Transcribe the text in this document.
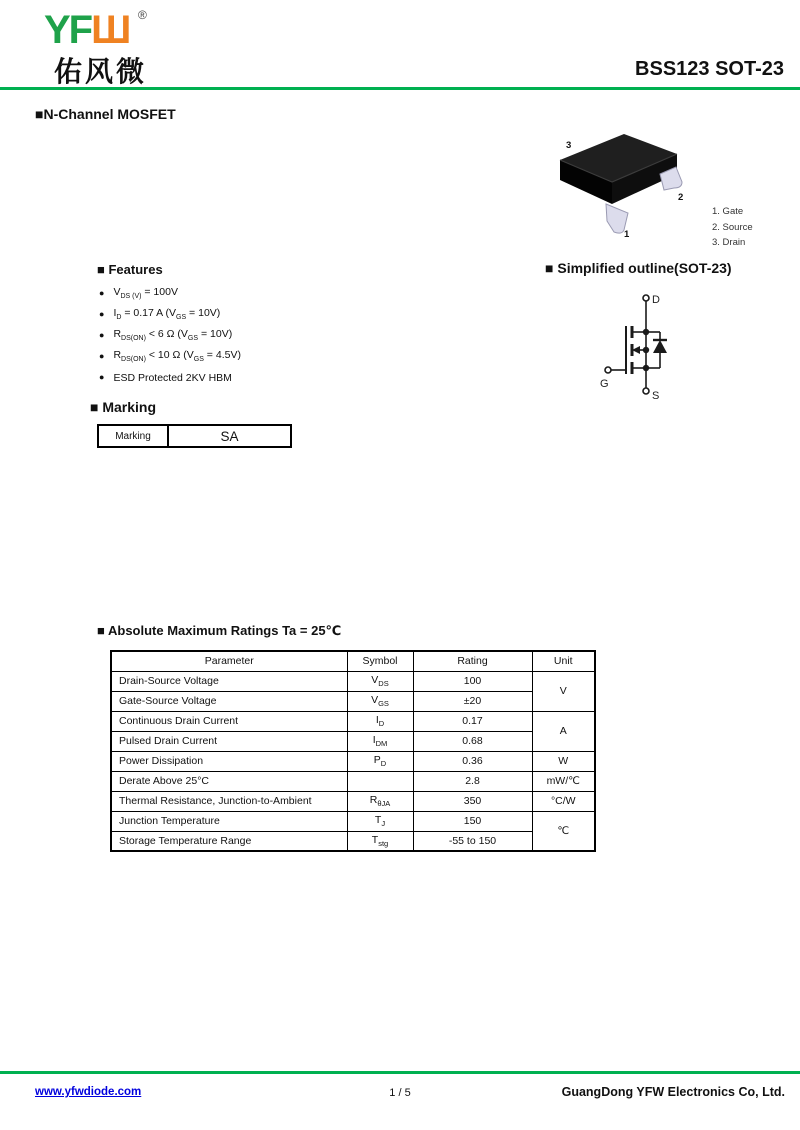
YFШ ®
佑风微	BSS123 SOT-23
■N-Channel MOSFET
3
2
1
1. Gate
2. Source
3. Drain
■ Simplified outline(SOT-23)
■ Features
● $V_{DS (V)} = 100V$
● $I_D = 0.17$ A $(V_{GS} = 10V)$
● $R_{DS(ON)} < 6$ Ω $(V_{GS} = 10V)$
● $R_{DS(ON)} < 10$ Ω $(V_{GS} = 4.5V)$
● ESD Protected 2KV HBM
D
G
S
■ Marking
Marking	SA
■ Absolute Maximum Ratings Ta = 25℃
Parameter	Symbol	Rating	Unit
Drain-Source Voltage	$V_{DS}$	100	V
Gate-Source Voltage	$V_{GS}$	±20	
Continuous Drain Current	$I_D$	0.17	A
Pulsed Drain Current	$I_{DM}$	0.68	
Power Dissipation	$P_D$	0.36	W
Derate Above 25°C		2.8	mW/℃
Thermal Resistance, Junction-to-Ambient	$R_{\theta JA}$	350	°C/W
Junction Temperature	$T_J$	150	℃
Storage Temperature Range	$T_{stg}$	-55 to 150	
www.yfwdiode.com	1 / 5	GuangDong YFW Electronics Co, Ltd.
